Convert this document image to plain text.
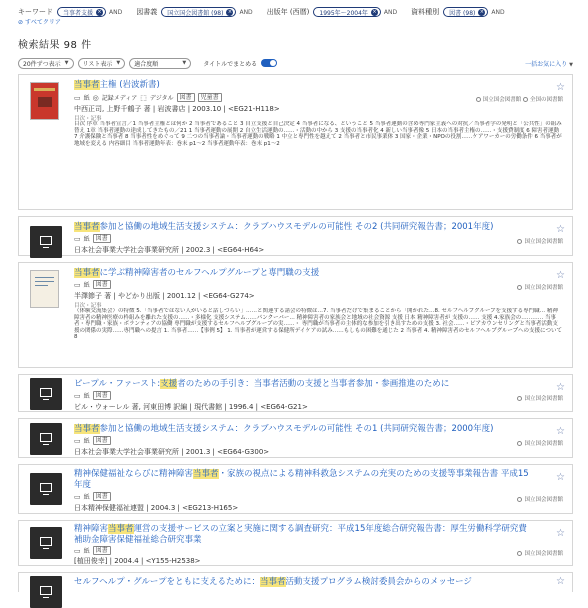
キーワード 当事者支援 × AND 図書義 国立国会図書館 (98) × AND 出版年 (西暦) 1995年〜2004年 × AND 資料種別 図書 (98) × AND
⊘ すべてクリア
検索結果 98 件
20件ずつ表示 ▼ リスト表示 ▼ 適合度順	▼	タイトルでまとめる	一括お気に入り ▼
当事者主権 (岩波新書)	☆
▭ 紙 ◎ 記録メディア ⬚ デジタル	図書	児童書
中西正司, 上野千鶴子 著 | 岩波書店 | 2003.10 | <EG21-H118>
国立国会図書館 全国の図書館
目次・記事
目次 序章 当事者宣言／1 当事者主権とは何か 2 当事者であること 3 自立支援と自己決定 4 当事者になる、ということ 5 当事者運動の含め専門家主義への対抗／当事者学の発明と「公共性」の組み替え 1章 当事者運動の達成してきたもの／21 1 当事者運動の展開 2 自立生活運動の……・活動の中から 3 支援の当事者化 4 新しい当事者像 5 日本の当事者主権の……・支援費制度 6 障害者運動 7 介護保険と当事者 8 当事者性をめぐって 9 二つの当事者論・当事者運動の戦略 1 中立と専門性を越えて 2 当事者と市民事業体 3 国家・企業・NPOの役割……ケアワーカーの労働条件 6 当事者が地域を変える 内容細目 当事者運動年表：巻末 p1〜2 当事者運動年表：巻末 p1〜2
当事者参加と協働の地域生活支援システム：クラブハウスモデルの可能性 その2 (共同研究報告書；2001年度)	☆
▭ 紙	図書
日本社会事業大学社会事業研究所 | 2002.3 | <EG64-H64>
国立国会図書館
当事者に学ぶ精神障害者のセルフヘルプグループと専門職の支援	☆
▭ 紙	図書
半澤節子 著 | やどかり出版 | 2001.12 | <EG64-G274>
国立国会図書館
目次・記事
（体験交流集会）の特徴 5.「当事者ではない人がいると話しづらい」……と関連する諸会の特徴は…7. 当事者だけで集まることから「開かれた…8. セルフヘルプグループを支援する専門職… 精神障害者の精神医療の枠組みを離れた支援の……・多様化 支援システム……パンクーバー… 精神障害者の家族会と地域の社会資源 支援 日本 精神障害者が 支援の…… 支援 4.家族会の………… 当事者・専門職・家族・ボランティアの協働 専門職が支援するセルフヘルプグループの実……・ 専門職が当事者の主体的な参加を引き出すための支援 3. 社会……・ピアカウンセリングと当事者活動支援の関係の実際……専門職への提言 1. 当事者……【事例 5】 1. 当事者が運営する保健所デイケアの試み……もしもの困難を通じた 2 当事者 4. 精神障害者のセルフヘルプグループへの支援について 8
ピープル・ファースト:支援者のための手引き：当事者活動の支援と当事者参加・参画推進のために	☆
▭ 紙	図書
ビル・ウォーレル 著, 河東田博 訳編 | 現代書館 | 1996.4 | <EG64-G21>
国立国会図書館
当事者参加と協働の地域生活支援システム：クラブハウスモデルの可能性 その1 (共同研究報告書；2000年度)	☆
▭ 紙	図書
日本社会事業大学社会事業研究所 | 2001.3 | <EG64-G300>
国立国会図書館
精神保健福祉ならびに精神障害当事者・家族の視点による精神科救急システムの充実のための支援等事業報告書 平成15年度
☆
▭ 紙	図書
日本精神保健福祉連盟 | 2004.3 | <EG213-H165>
国立国会図書館
精神障害当事者運営の支援サービスの立案と実施に関する調査研究：平成15年度総合研究報告書：厚生労働科学研究費補助金障害保健福祉総合研究事業
☆
▭ 紙	図書
[植田俊幸] | 2004.4 | <Y155-H2538>
国立国会図書館
セルフヘルプ・グループをともに支えるために：当事者活動支援プログラム検討委員会からのメッセージ	☆
